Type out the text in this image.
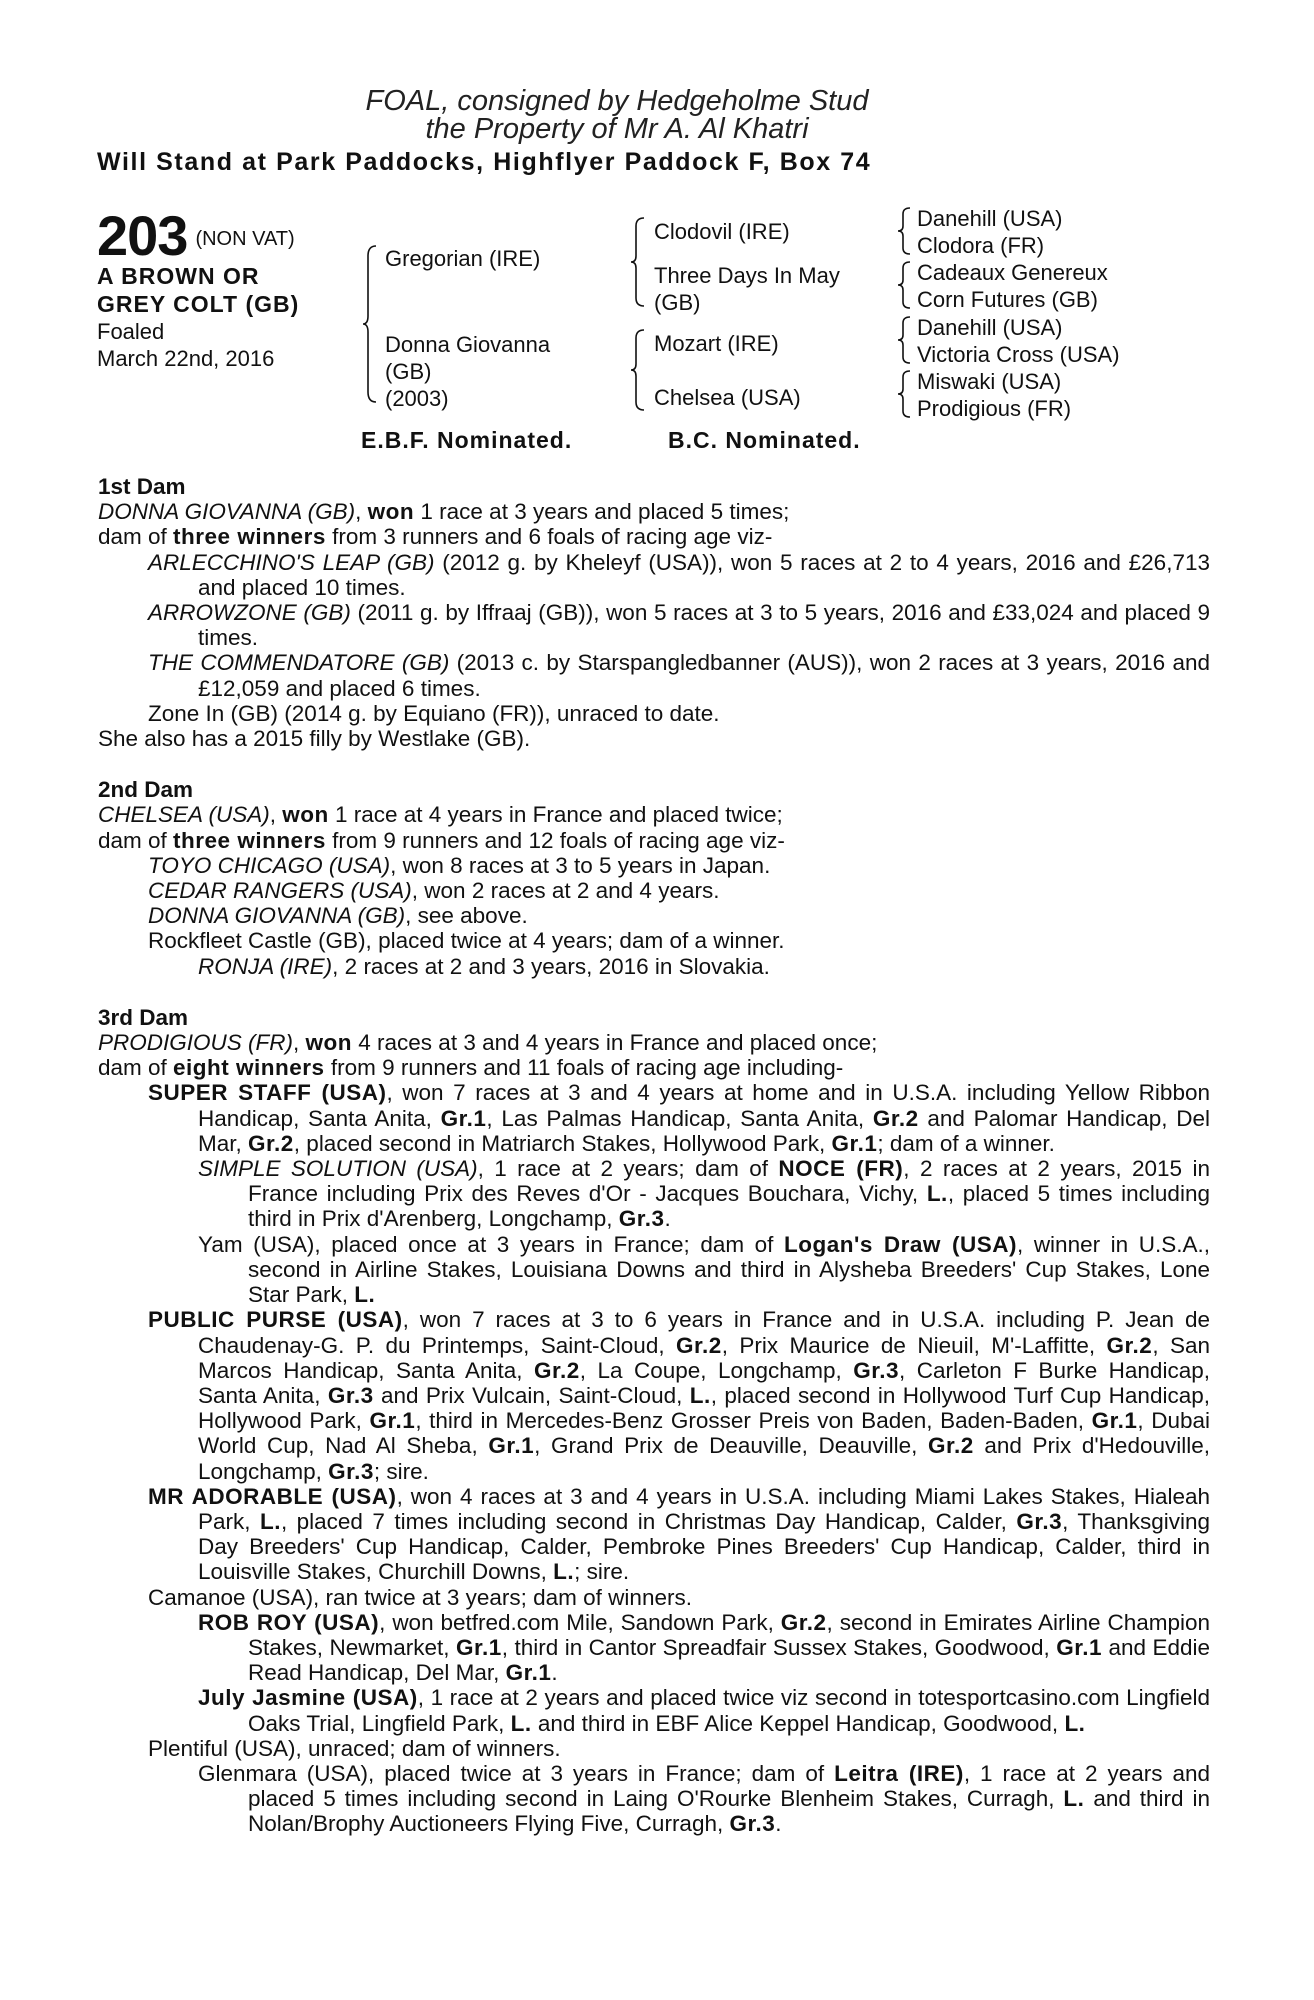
FOAL, consigned by Hedgeholme Stud
the Property of Mr A. Al Khatri
Will Stand at Park Paddocks, Highflyer Paddock F, Box 74
203 (NON VAT)
A BROWN OR
GREY COLT (GB)
Foaled
March 22nd, 2016
Gregorian (IRE)
Donna Giovanna
(GB)
(2003)
Clodovil (IRE)
Three Days In May
(GB)
Mozart (IRE)
Chelsea (USA)
Danehill (USA)
Clodora (FR)
Cadeaux Genereux
Corn Futures (GB)
Danehill (USA)
Victoria Cross (USA)
Miswaki (USA)
Prodigious (FR)
E.B.F. Nominated.	B.C. Nominated.
1st Dam
DONNA GIOVANNA (GB), won 1 race at 3 years and placed 5 times;
dam of three winners from 3 runners and 6 foals of racing age viz-
ARLECCHINO'S LEAP (GB) (2012 g. by Kheleyf (USA)), won 5 races at 2 to 4 years, 2016 and £26,713 and placed 10 times.
ARROWZONE (GB) (2011 g. by Iffraaj (GB)), won 5 races at 3 to 5 years, 2016 and £33,024 and placed 9 times.
THE COMMENDATORE (GB) (2013 c. by Starspangledbanner (AUS)), won 2 races at 3 years, 2016 and £12,059 and placed 6 times.
Zone In (GB) (2014 g. by Equiano (FR)), unraced to date.
She also has a 2015 filly by Westlake (GB).
2nd Dam
CHELSEA (USA), won 1 race at 4 years in France and placed twice;
dam of three winners from 9 runners and 12 foals of racing age viz-
TOYO CHICAGO (USA), won 8 races at 3 to 5 years in Japan.
CEDAR RANGERS (USA), won 2 races at 2 and 4 years.
DONNA GIOVANNA (GB), see above.
Rockfleet Castle (GB), placed twice at 4 years; dam of a winner.
RONJA (IRE), 2 races at 2 and 3 years, 2016 in Slovakia.
3rd Dam
PRODIGIOUS (FR), won 4 races at 3 and 4 years in France and placed once;
dam of eight winners from 9 runners and 11 foals of racing age including-
SUPER STAFF (USA), won 7 races at 3 and 4 years at home and in U.S.A. including Yellow Ribbon Handicap, Santa Anita, Gr.1, Las Palmas Handicap, Santa Anita, Gr.2 and Palomar Handicap, Del Mar, Gr.2, placed second in Matriarch Stakes, Hollywood Park, Gr.1; dam of a winner.
SIMPLE SOLUTION (USA), 1 race at 2 years; dam of NOCE (FR), 2 races at 2 years, 2015 in France including Prix des Reves d'Or - Jacques Bouchara, Vichy, L., placed 5 times including third in Prix d'Arenberg, Longchamp, Gr.3.
Yam (USA), placed once at 3 years in France; dam of Logan's Draw (USA), winner in U.S.A., second in Airline Stakes, Louisiana Downs and third in Alysheba Breeders' Cup Stakes, Lone Star Park, L.
PUBLIC PURSE (USA), won 7 races at 3 to 6 years in France and in U.S.A. including P. Jean de Chaudenay-G. P. du Printemps, Saint-Cloud, Gr.2, Prix Maurice de Nieuil, M'-Laffitte, Gr.2, San Marcos Handicap, Santa Anita, Gr.2, La Coupe, Longchamp, Gr.3, Carleton F Burke Handicap, Santa Anita, Gr.3 and Prix Vulcain, Saint-Cloud, L., placed second in Hollywood Turf Cup Handicap, Hollywood Park, Gr.1, third in Mercedes-Benz Grosser Preis von Baden, Baden-Baden, Gr.1, Dubai World Cup, Nad Al Sheba, Gr.1, Grand Prix de Deauville, Deauville, Gr.2 and Prix d'Hedouville, Longchamp, Gr.3; sire.
MR ADORABLE (USA), won 4 races at 3 and 4 years in U.S.A. including Miami Lakes Stakes, Hialeah Park, L., placed 7 times including second in Christmas Day Handicap, Calder, Gr.3, Thanksgiving Day Breeders' Cup Handicap, Calder, Pembroke Pines Breeders' Cup Handicap, Calder, third in Louisville Stakes, Churchill Downs, L.; sire.
Camanoe (USA), ran twice at 3 years; dam of winners.
ROB ROY (USA), won betfred.com Mile, Sandown Park, Gr.2, second in Emirates Airline Champion Stakes, Newmarket, Gr.1, third in Cantor Spreadfair Sussex Stakes, Goodwood, Gr.1 and Eddie Read Handicap, Del Mar, Gr.1.
July Jasmine (USA), 1 race at 2 years and placed twice viz second in totesportcasino.com Lingfield Oaks Trial, Lingfield Park, L. and third in EBF Alice Keppel Handicap, Goodwood, L.
Plentiful (USA), unraced; dam of winners.
Glenmara (USA), placed twice at 3 years in France; dam of Leitra (IRE), 1 race at 2 years and placed 5 times including second in Laing O'Rourke Blenheim Stakes, Curragh, L. and third in Nolan/Brophy Auctioneers Flying Five, Curragh, Gr.3.
